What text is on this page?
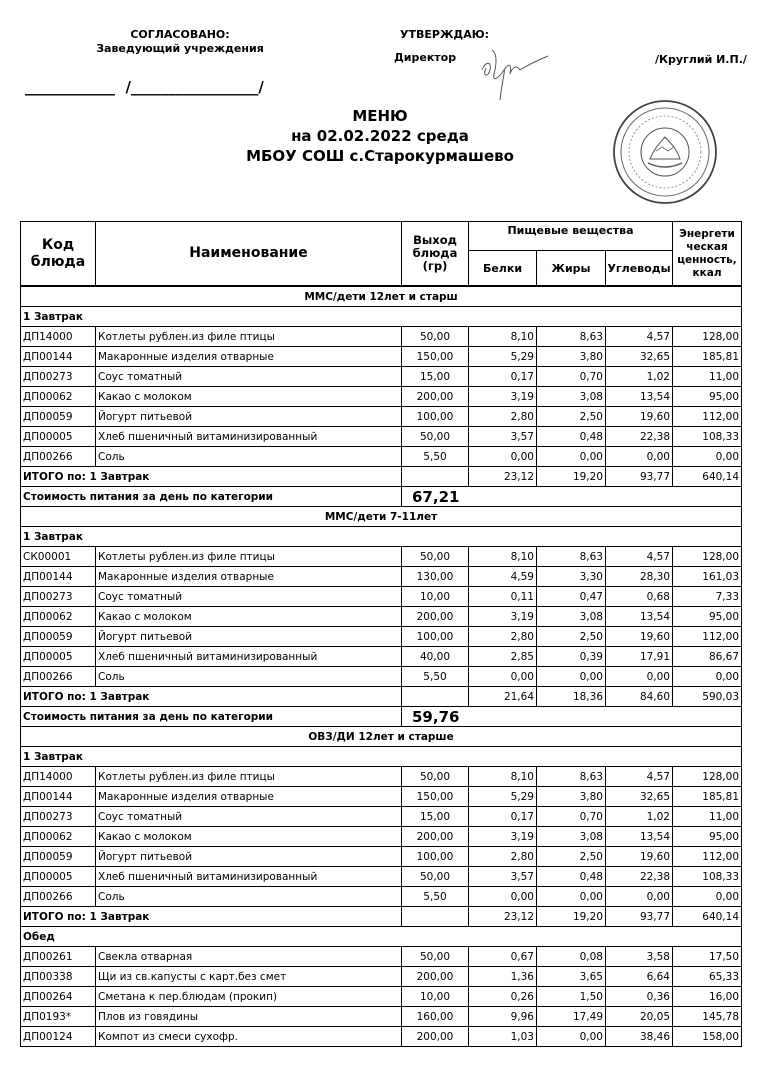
СОГЛАСОВАНО:
Заведующий учреждения
____________  /_________________/
УТВЕРЖДАЮ:
Директор	/Круглий И.П./
МЕНЮ
на 02.02.2022 среда
МБОУ СОШ с.Старокурмашево
Код блюда	Наименование	Выход блюда (гр)	Пищевые вещества			Энергети ческая ценность, ккал
			Белки	Жиры	Углеводы	
ММС/дети 12лет и старш						
1 Завтрак						
ДП14000	Котлеты рублен.из филе птицы	50,00	8,10	8,63	4,57	128,00
ДП00144	Макаронные изделия отварные	150,00	5,29	3,80	32,65	185,81
ДП00273	Соус томатный	15,00	0,17	0,70	1,02	11,00
ДП00062	Какао с молоком	200,00	3,19	3,08	13,54	95,00
ДП00059	Йогурт питьевой	100,00	2,80	2,50	19,60	112,00
ДП00005	Хлеб пшеничный витаминизированный	50,00	3,57	0,48	22,38	108,33
ДП00266	Соль	5,50	0,00	0,00	0,00	0,00
ИТОГО по: 1 Завтрак			23,12	19,20	93,77	640,14
Стоимость питания за день по категории		67,21				
ММС/дети 7-11лет						
1 Завтрак						
СК00001	Котлеты рублен.из филе птицы	50,00	8,10	8,63	4,57	128,00
ДП00144	Макаронные изделия отварные	130,00	4,59	3,30	28,30	161,03
ДП00273	Соус томатный	10,00	0,11	0,47	0,68	7,33
ДП00062	Какао с молоком	200,00	3,19	3,08	13,54	95,00
ДП00059	Йогурт питьевой	100,00	2,80	2,50	19,60	112,00
ДП00005	Хлеб пшеничный витаминизированный	40,00	2,85	0,39	17,91	86,67
ДП00266	Соль	5,50	0,00	0,00	0,00	0,00
ИТОГО по: 1 Завтрак			21,64	18,36	84,60	590,03
Стоимость питания за день по категории		59,76				
ОВЗ/ДИ 12лет и старше						
1 Завтрак						
ДП14000	Котлеты рублен.из филе птицы	50,00	8,10	8,63	4,57	128,00
ДП00144	Макаронные изделия отварные	150,00	5,29	3,80	32,65	185,81
ДП00273	Соус томатный	15,00	0,17	0,70	1,02	11,00
ДП00062	Какао с молоком	200,00	3,19	3,08	13,54	95,00
ДП00059	Йогурт питьевой	100,00	2,80	2,50	19,60	112,00
ДП00005	Хлеб пшеничный витаминизированный	50,00	3,57	0,48	22,38	108,33
ДП00266	Соль	5,50	0,00	0,00	0,00	0,00
ИТОГО по: 1 Завтрак			23,12	19,20	93,77	640,14
Обед						
ДП00261	Свекла отварная	50,00	0,67	0,08	3,58	17,50
ДП00338	Щи из св.капусты с карт.без смет	200,00	1,36	3,65	6,64	65,33
ДП00264	Сметана к пер.блюдам (прокип)	10,00	0,26	1,50	0,36	16,00
ДП0193*	Плов из говядины	160,00	9,96	17,49	20,05	145,78
ДП00124	Компот из смеси сухофр.	200,00	1,03	0,00	38,46	158,00
